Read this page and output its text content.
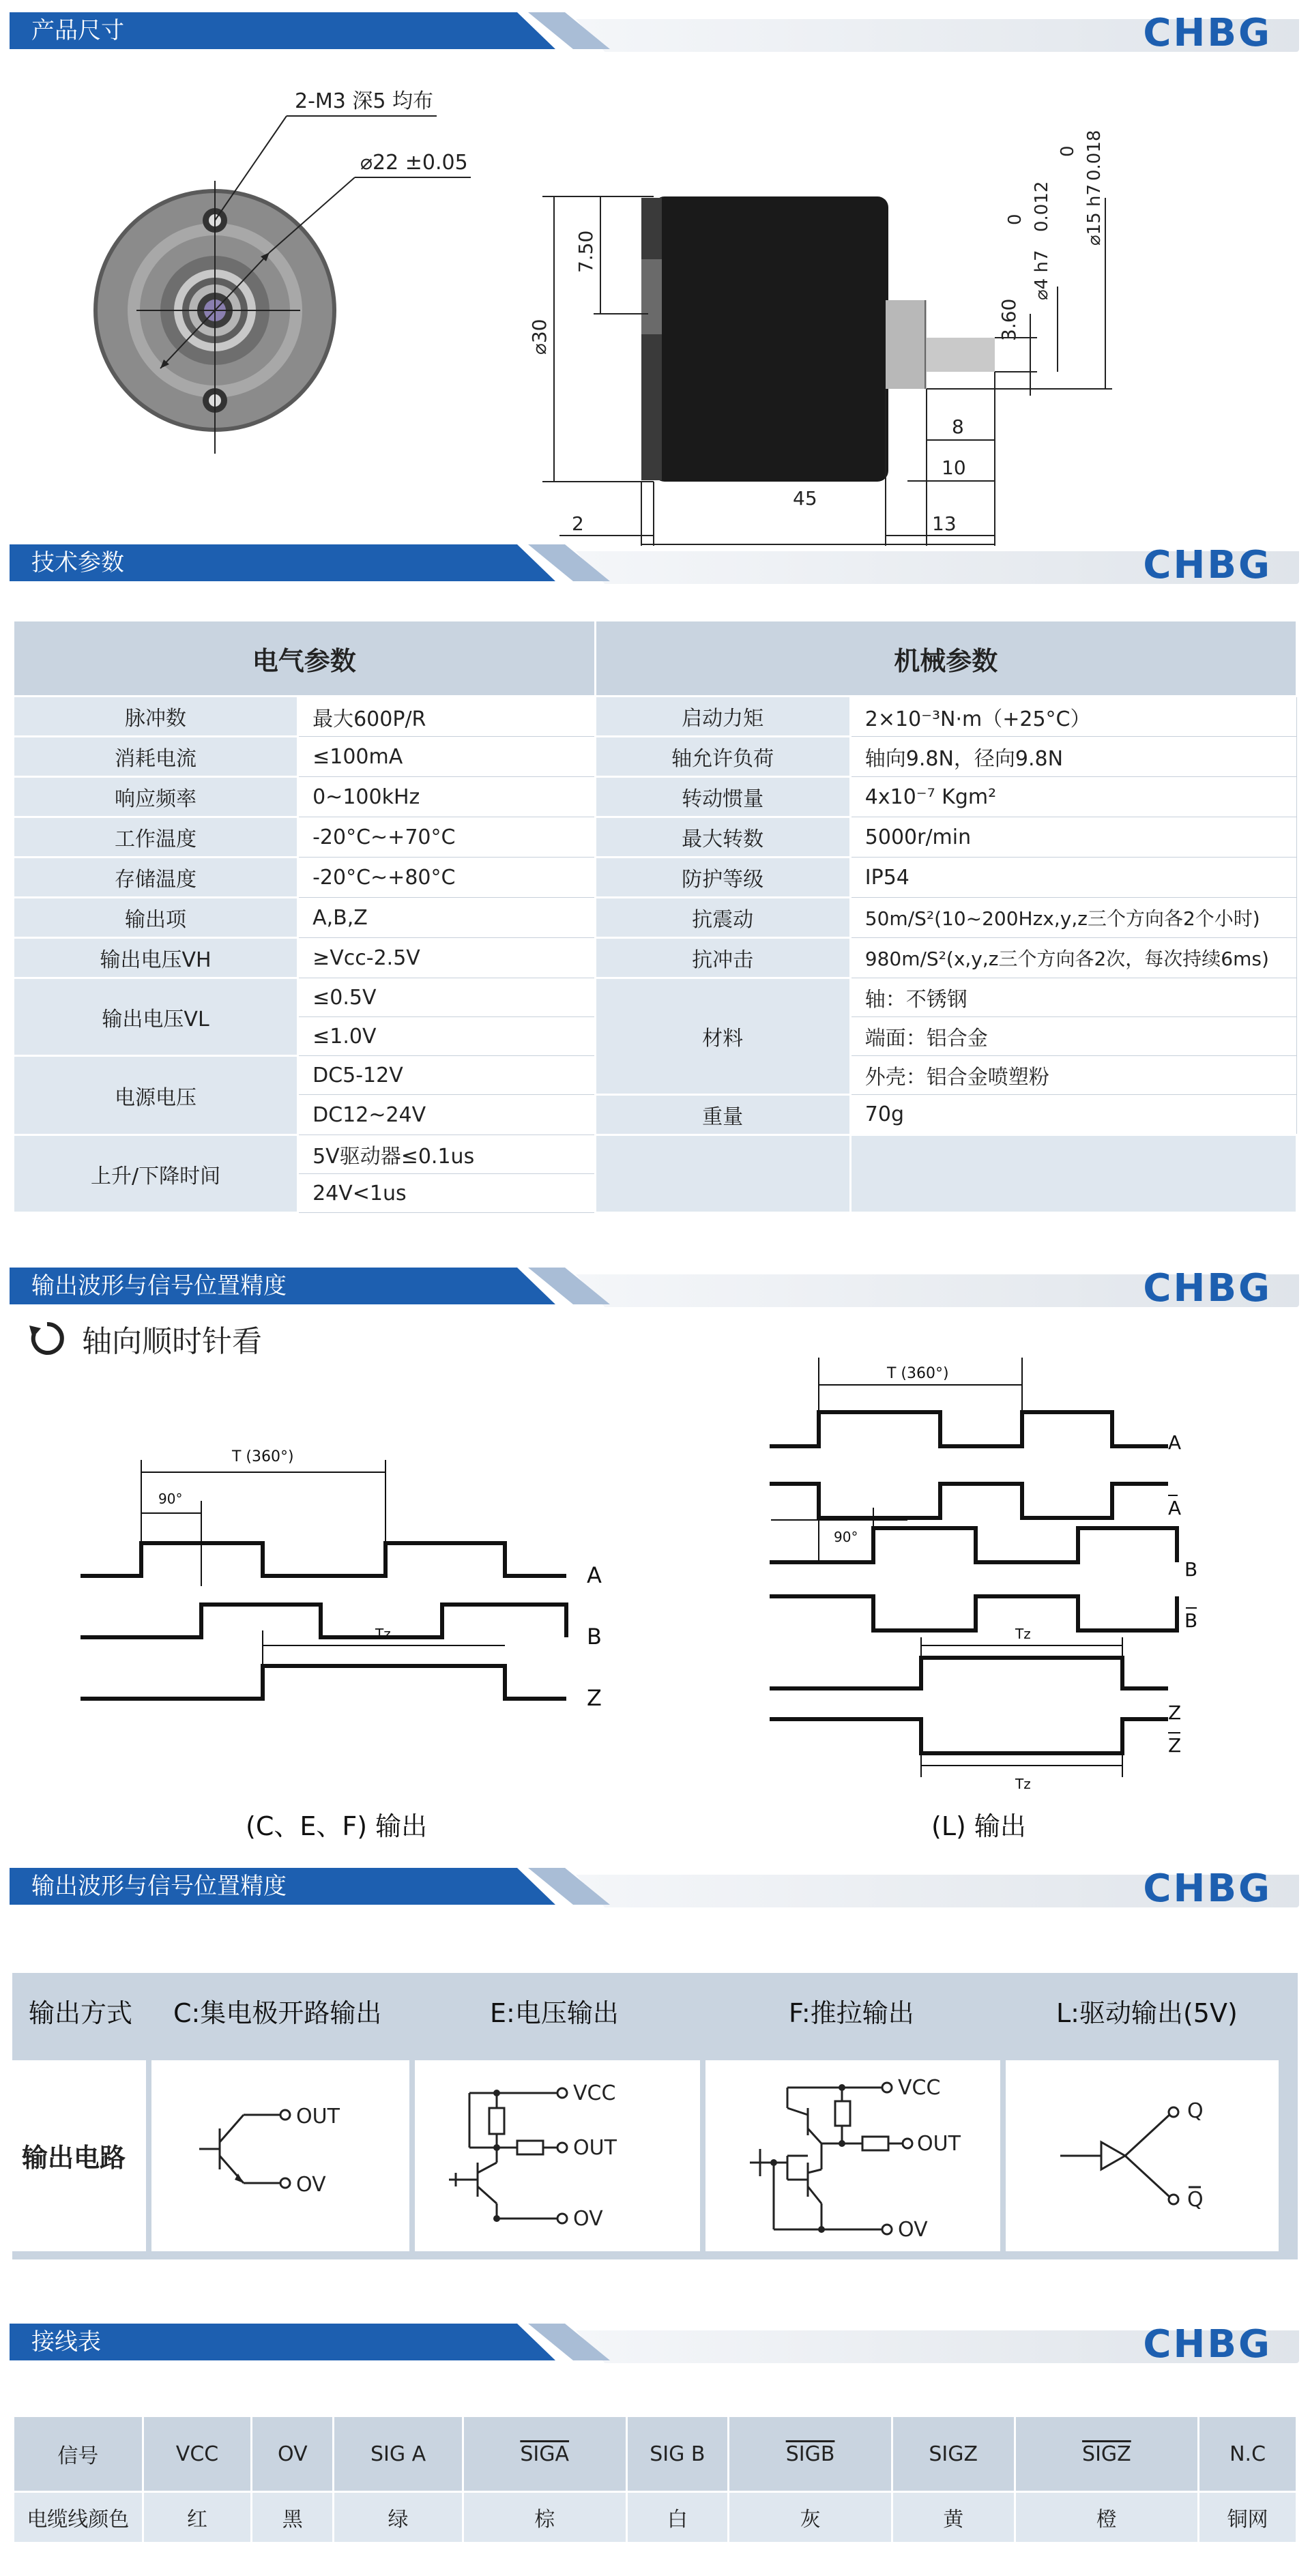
产品尺寸	CHBG
2-M3 深5 均布
⌀22 ±0.05
⌀30
7.50
3.60
0
⌀4 h7
0.012
0
⌀15 h7
0.018
8
10
13
2
45
技术参数	CHBG
电气参数		机械参数	
脉冲数	最大600P/R	启动力矩	2×10⁻³N·m（+25°C）
消耗电流	≤100mA	轴允许负荷	轴向9.8N，径向9.8N
响应频率	0~100kHz	转动惯量	4x10⁻⁷ Kgm²
工作温度	-20°C~+70°C	最大转数	5000r/min
存储温度	-20°C~+80°C	防护等级	IP54
输出项	A,B,Z	抗震动	50m/S²(10~200Hzx,y,z三个方向各2个小时)
输出电压VH	≥Vcc-2.5V	抗冲击	980m/S²(x,y,z三个方向各2次，每次持续6ms)
输出电压VL	≤0.5V	材料	轴：不锈钢
	≤1.0V		端面：铝合金
电源电压	DC5-12V		外壳：铝合金喷塑粉
	DC12~24V	重量	70g
上升/下降时间	5V驱动器≤0.1us		
	24V<1us		
输出波形与信号位置精度	CHBG
轴向顺时针看
T (360°)
90°
Tz
A
B
Z
T (360°)
90°
Tz
Tz
A
A
B
B
Z
Z
(C、E、F) 输出	(L) 输出
输出波形与信号位置精度	CHBG
输出方式 C:集电极开路输出	E:电压输出	F:推拉输出	L:驱动输出(5V)
输出电路
OUT
OV
VCC
OUT
OV
VCC
OUT
OV
Q
Q
接线表	CHBG
信号	VCC	OV	SIG A	SIGA	SIG B	SIGB	SIGZ	SIGZ	N.C
电缆线颜色	红	黑	绿	棕	白	灰	黄	橙	铜网
